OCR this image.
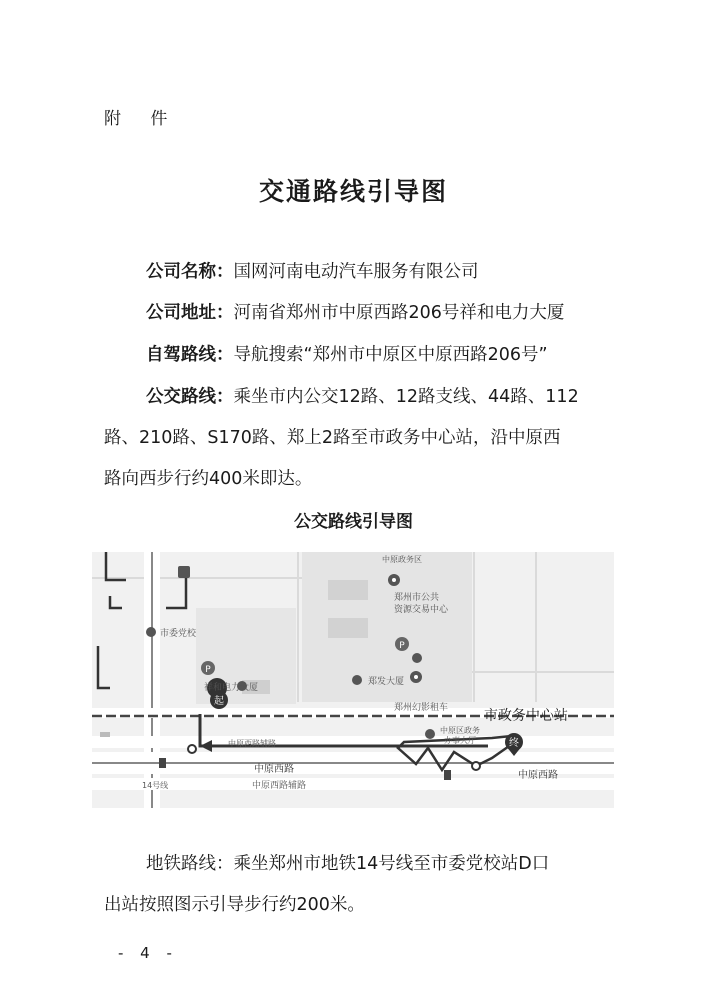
附 件
交通路线引导图
公司名称：国网河南电动汽车服务有限公司
公司地址：河南省郑州市中原西路206号祥和电力大厦
自驾路线：导航搜索“郑州市中原区中原西路206号”
公交路线：乘坐市内公交12路、12路支线、44路、112
路、210路、S170路、郑上2路至市政务中心站，沿中原西
路向西步行约400米即达。
公交路线引导图
起
终
P
P
中原政务区
郑州市公共
资源交易中心
市委党校
祥和电力大厦
郑发大厦
郑州幻影租车
中原区政务
办事大厅
市政务中心站
中原西路辅路
中原西路
中原西路
中原西路辅路
14号线
地铁路线：乘坐郑州市地铁14号线至市委党校站D口
出站按照图示引导步行约200米。
- 4 -
